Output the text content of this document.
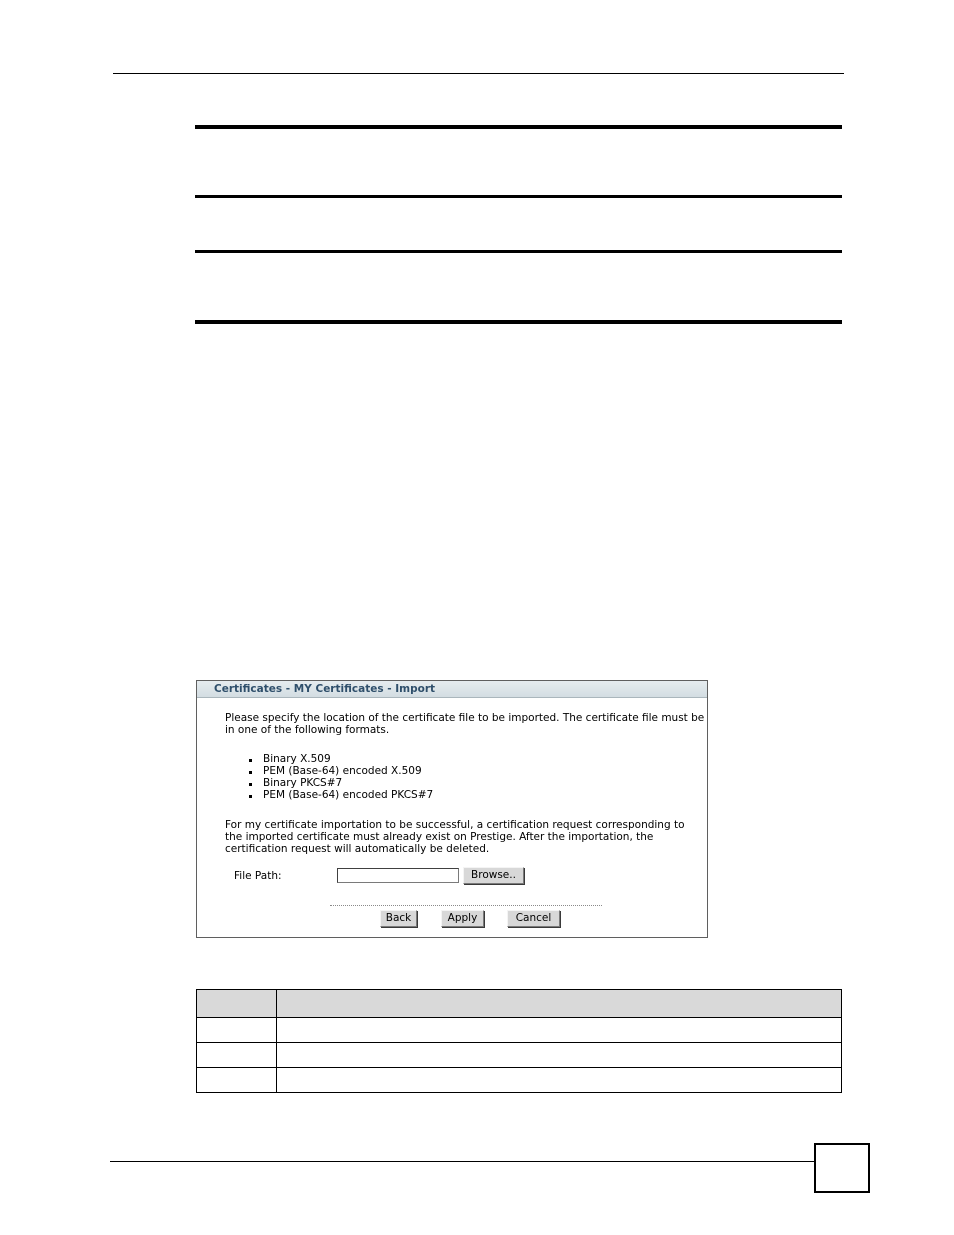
Certificates - MY Certificates - Import
Please specify the location of the certificate file to be imported. The certificate file must be in one of the following formats.
Binary X.509
PEM (Base-64) encoded X.509
Binary PKCS#7
PEM (Base-64) encoded PKCS#7
For my certificate importation to be successful, a certification request corresponding to the imported certificate must already exist on Prestige. After the importation, the certification request will automatically be deleted.
File Path:	Browse..
Back	Apply	Cancel
